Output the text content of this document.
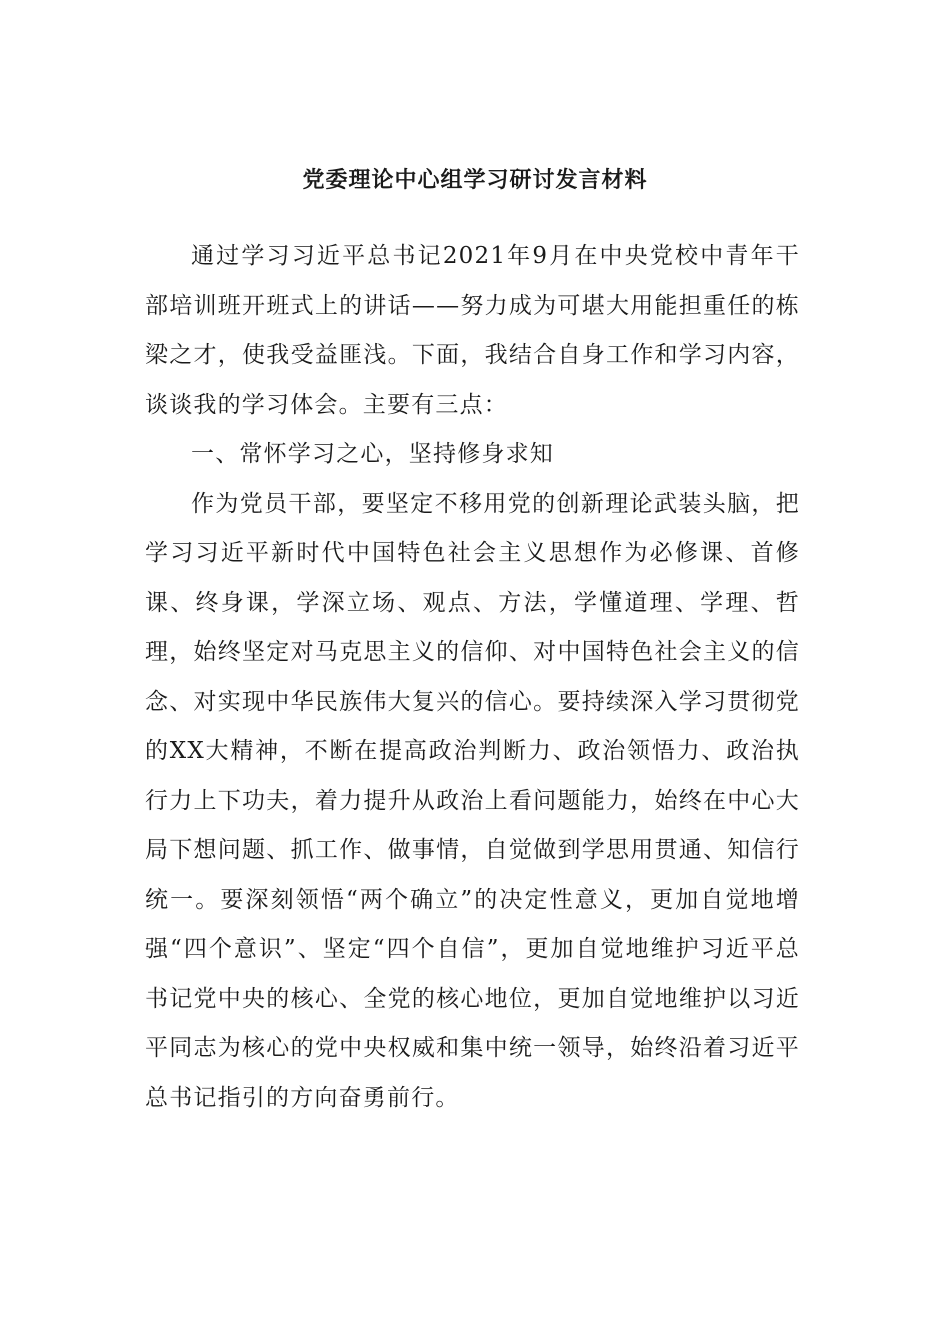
党委理论中心组学习研讨发言材料

通过学习习近平总书记2021年9月在中央党校中青年干部培训班开班式上的讲话——努力成为可堪大用能担重任的栋梁之才，使我受益匪浅。下面，我结合自身工作和学习内容，谈谈我的学习体会。主要有三点：

一、常怀学习之心，坚持修身求知

作为党员干部，要坚定不移用党的创新理论武装头脑，把学习习近平新时代中国特色社会主义思想作为必修课、首修课、终身课，学深立场、观点、方法，学懂道理、学理、哲理，始终坚定对马克思主义的信仰、对中国特色社会主义的信念、对实现中华民族伟大复兴的信心。要持续深入学习贯彻党的XX大精神，不断在提高政治判断力、政治领悟力、政治执行力上下功夫，着力提升从政治上看问题能力，始终在中心大局下想问题、抓工作、做事情，自觉做到学思用贯通、知信行统一。要深刻领悟“两个确立”的决定性意义，更加自觉地增强“四个意识”、坚定“四个自信”，更加自觉地维护习近平总书记党中央的核心、全党的核心地位，更加自觉地维护以习近平同志为核心的党中央权威和集中统一领导，始终沿着习近平总书记指引的方向奋勇前行。
